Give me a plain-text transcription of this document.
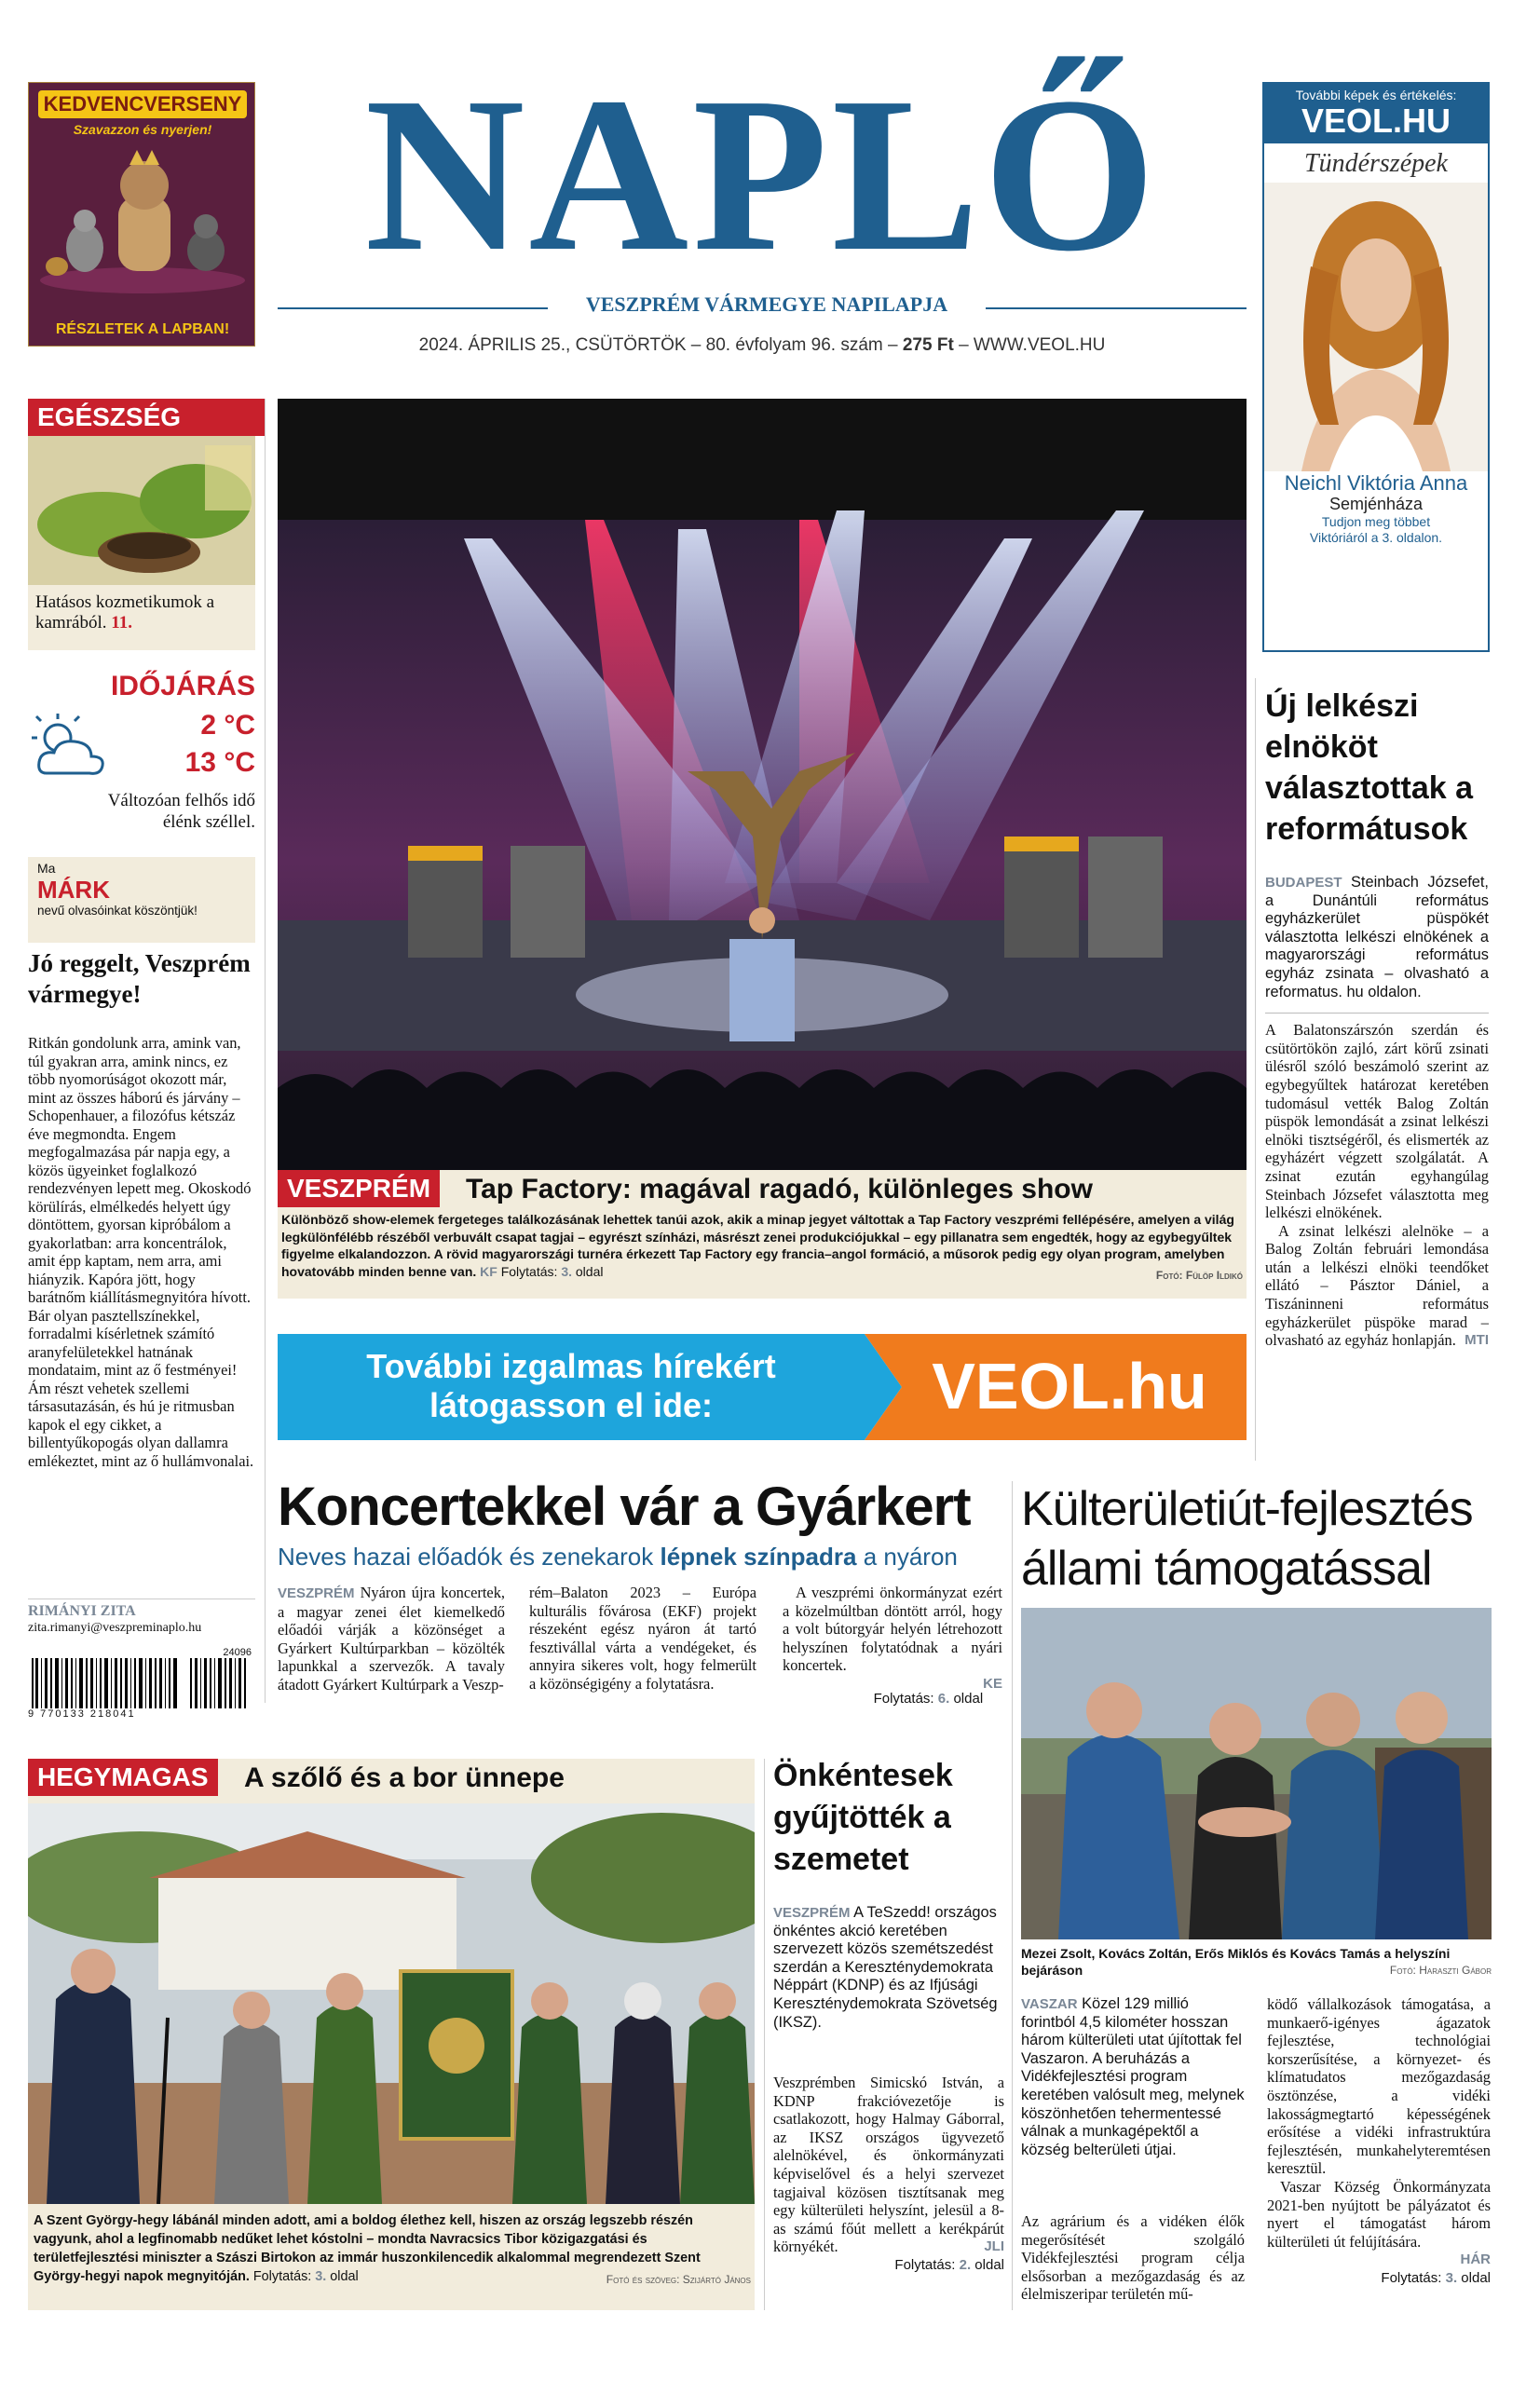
KEDVENCVERSENY
Szavazzon és nyerjen!
RÉSZLETEK A LAPBAN!
NAPLŐ
VESZPRÉM VÁRMEGYE NAPILAPJA
2024. ÁPRILIS 25., CSÜTÖRTÖK – 80. évfolyam 96. szám – 275 Ft – WWW.VEOL.HU
További képek és értékelés:
VEOL.HU
Tündérszépek
Neichl Viktória Anna
Semjénháza
Tudjon meg többet Viktóriáról a 3. oldalon.
EGÉSZSÉG
Hatásos kozmetikumok a kamrából. 11.
IDŐJÁRÁS
2 °C
13 °C
Változóan felhős idő élénk széllel.
Ma
MÁRK
nevű olvasóinkat köszöntjük!
Jó reggelt, Veszprém vármegye!
Ritkán gondolunk arra, amink van, túl gyakran arra, amink nincs, ez több nyomorúságot okozott már, mint az összes háború és járvány – Schopenhauer, a filozófus kétszáz éve megmondta. Engem megfogalmazása pár napja egy, a közös ügyeinket foglalkozó rendezvényen lepett meg. Okoskodó körülírás, elmélkedés helyett úgy döntöttem, gyorsan kipróbálom a gyakorlatban: arra koncentrálok, amit épp kaptam, nem arra, ami hiányzik. Kapóra jött, hogy barátnőm kiállításmegnyitóra hívott. Bár olyan pasztellszínekkel, forradalmi kísérletnek számító aranyfelületekkel hatnának mondataim, mint az ő festményei! Ám részt vehetek szellemi társasutazásán, és hú je ritmusban kapok el egy cikket, a billentyűkopogás olyan dallamra emlékeztet, mint az ő hullámvonalai.
RIMÁNYI ZITA
zita.rimanyi@veszpreminaplo.hu
24096
9 770133 218041
VESZPRÉM	Tap Factory: magával ragadó, különleges show
Különböző show-elemek fergeteges találkozásának lehettek tanúi azok, akik a minap jegyet váltottak a Tap Factory veszprémi fellépésére, amelyen a világ legkülönfélébb részéből verbuvált csapat tagjai – egyrészt színházi, másrészt zenei produkciójukkal – egy pillanatra sem engedték, hogy az egybegyűltek figyelme elkalandozzon. A rövid magyarországi turnéra érkezett Tap Factory egy francia–angol formáció, a műsorok pedig egy olyan program, amelyben hovatovább minden benne van. KF Folytatás: 3. oldal	Fotó: Fülöp Ildikó
További izgalmas hírekért látogasson el ide:	VEOL.hu
Új lelkészi elnököt választottak a reformátusok
BUDAPEST Steinbach Józsefet, a Dunántúli református egyházkerület püspökét választotta lelkészi elnökének a magyarországi református egyház zsinata – olvasható a reformatus. hu oldalon.

A Balatonszárszón szerdán és csütörtökön zajló, zárt körű zsinati ülésről szóló beszámoló szerint az egybegyűltek határozat keretében tudomásul vették Balog Zoltán püspök lemondását a zsinat lelkészi elnöki tisztségéről, és elismerték az egyházért végzett szolgálatát. A zsinat ezután egyhangúlag Steinbach Józsefet választotta meg lelkészi elnökének.

A zsinat lelkészi alelnöke – a Balog Zoltán februári lemondása után a lelkészi elnöki teendőket ellátó – Pásztor Dániel, a Tiszáninneni református egyházkerület püspöke marad – olvasható az egyház honlapján. MTI
Koncertekkel vár a Gyárkert
Neves hazai előadók és zenekarok lépnek színpadra a nyáron
VESZPRÉM Nyáron újra koncertek, a magyar zenei élet kiemelkedő előadói várják a közönséget a Gyárkert Kultúrparkban – közölték lapunkkal a szervezők. A tavaly átadott Gyárkert Kultúrpark a Veszp-
rém–Balaton 2023 – Európa kulturális fővárosa (EKF) projekt részeként egész nyáron át tartó fesztivállal várta a vendégeket, és annyira sikeres volt, hogy felmerült a közönségigény a folytatásra.
A veszprémi önkormányzat ezért a közelmúltban döntött arról, hogy a volt bútorgyár helyén létrehozott helyszínen folytatódnak a nyári koncertek.
KE
Folytatás: 6. oldal
Külterületiút-fejlesztés állami támogatással
Mezei Zsolt, Kovács Zoltán, Erős Miklós és Kovács Tamás a helyszíni bejáráson	Fotó: Haraszti Gábor
VASZAR Közel 129 millió forintból 4,5 kilométer hosszan három külterületi utat újítottak fel Vaszaron. A beruházás a Vidékfejlesztési program keretében valósult meg, melynek köszönhetően tehermentessé válnak a munkagépektől a község belterületi útjai.
Az agrárium és a vidéken élők megerősítését szolgáló Vidékfejlesztési program célja elsősorban a mezőgazdaság és az élelmiszeripar területén mű-

ködő vállalkozások támogatása, a munkaerő-igényes ágazatok fejlesztése, technológiai korszerűsítése, a környezet- és klímatudatos mezőgazdaság ösztönzése, a vidéki lakosságmegtartó képességének erősítése a vidéki infrastruktúra fejlesztésén, munkahelyteremtésen keresztül.

Vaszar Község Önkormányzata 2021-ben nyújtott be pályázatot és nyert el támogatást három külterületi út felújítására.

HÁR
Folytatás: 3. oldal
HEGYMAGAS	A szőlő és a bor ünnepe
A Szent György-hegy lábánál minden adott, ami a boldog élethez kell, hiszen az ország legszebb részén vagyunk, ahol a legfinomabb nedűket lehet kóstolni – mondta Navracsics Tibor közigazgatási és területfejlesztési miniszter a Szászi Birtokon az immár huszonkilencedik alkalommal megrendezett Szent György-hegyi napok megnyitóján. Folytatás: 3. oldal	Fotó és szöveg: Szijártó János
Önkéntesek gyűjtötték a szemetet
VESZPRÉM A TeSzedd! országos önkéntes akció keretében szervezett közös szemétszedést szerdán a Kereszténydemokrata Néppárt (KDNP) és az Ifjúsági Kereszténydemokrata Szövetség (IKSZ).

Veszprémben Simicskó István, a KDNP frakcióvezetője is csatlakozott, hogy Halmay Gáborral, az IKSZ országos ügyvezető alelnökével, és önkormányzati képviselővel és a helyi szervezet tagjaival közösen tisztítsanak meg egy külterületi helyszínt, jelesül a 8-as számú főút mellett a kerékpárút környékét.	JLI
Folytatás: 2. oldal
